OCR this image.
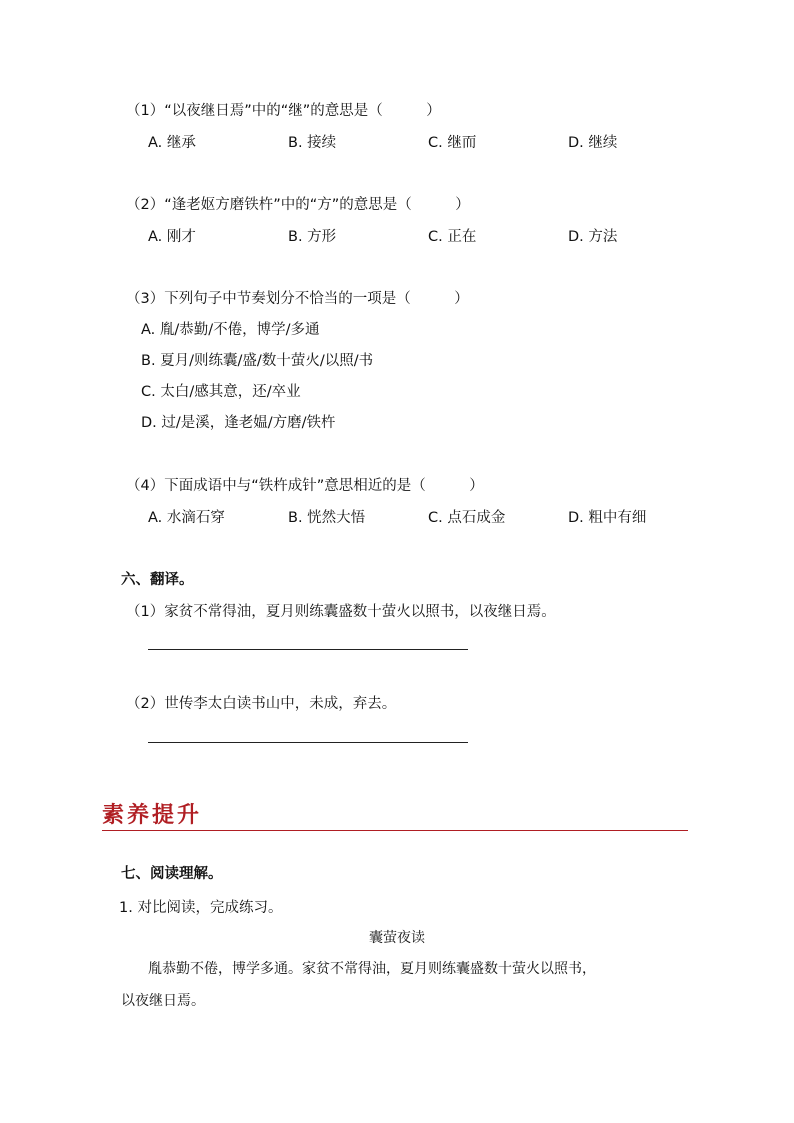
（1）“以夜继日焉”中的“继”的意思是（　　　）
A. 继承	B. 接续	C. 继而	D. 继续
（2）“逢老妪方磨铁杵”中的“方”的意思是（　　　）
A. 刚才	B. 方形	C. 正在	D. 方法
（3）下列句子中节奏划分不恰当的一项是（　　　）
A. 胤/恭勤/不倦，博学/多通
B. 夏月/则练囊/盛/数十萤火/以照/书
C. 太白/感其意，还/卒业
D. 过/是溪，逢老媪/方磨/铁杵
（4）下面成语中与“铁杵成针”意思相近的是（　　　）
A. 水滴石穿	B. 恍然大悟	C. 点石成金	D. 粗中有细
六、翻译。
（1）家贫不常得油，夏月则练囊盛数十萤火以照书，以夜继日焉。
（2）世传李太白读书山中，未成，弃去。
素养提升
七、阅读理解。
1. 对比阅读，完成练习。
囊萤夜读
胤恭勤不倦，博学多通。家贫不常得油，夏月则练囊盛数十萤火以照书，
以夜继日焉。
